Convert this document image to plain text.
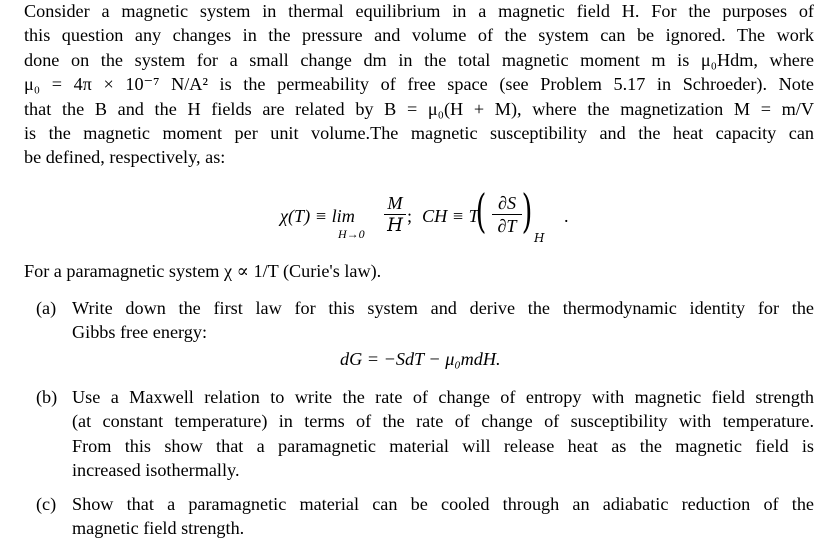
Consider a magnetic system in thermal equilibrium in a magnetic field H. For the purposes of
this question any changes in the pressure and volume of the system can be ignored. The work
done on the system for a small change dm in the total magnetic moment m is μ₀Hdm, where
μ₀ = 4π × 10⁻⁷ N/A² is the permeability of free space (see Problem 5.17 in Schroeder). Note
that the B and the H fields are related by B = μ₀(H + M), where the magnetization M = m/V
is the magnetic moment per unit volume.The magnetic susceptibility and the heat capacity can
be defined, respectively, as:
χ(T) ≡ lim
$H\to 0 \frac{M}{H}$ ; CH ≡ T
( $\frac{\partial S}{\partial T}$ ) H
.
For a paramagnetic system χ ∝ 1/T (Curie's law).
(a) Write down the first law for this system and derive the thermodynamic identity for the
Gibbs free energy:
dG = −SdT − μ₀mdH.
(b) Use a Maxwell relation to write the rate of change of entropy with magnetic field strength
(at constant temperature) in terms of the rate of change of susceptibility with temperature.
From this show that a paramagnetic material will release heat as the magnetic field is
increased isothermally.
(c) Show that a paramagnetic material can be cooled through an adiabatic reduction of the
magnetic field strength.
